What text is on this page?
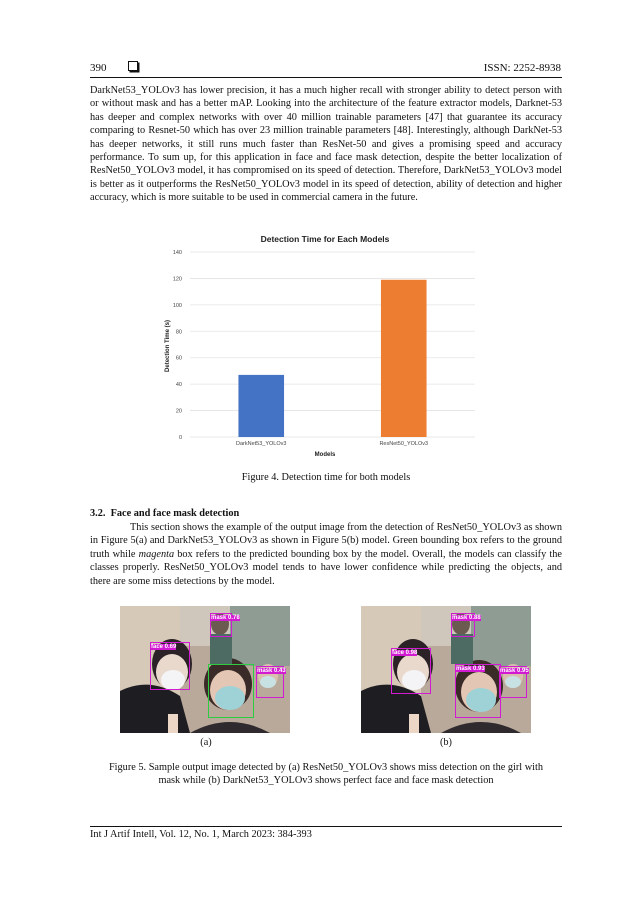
390	ISSN: 2252-8938

DarkNet53_YOLOv3 has lower precision, it has a much higher recall with stronger ability to detect person with or without mask and has a better mAP. Looking into the architecture of the feature extractor models, Darknet-53 has deeper and complex networks with over 40 million trainable parameters [47] that guarantee its accuracy comparing to Resnet-50 which has over 23 million trainable parameters [48]. Interestingly, although DarkNet-53 has deeper networks, it still runs much faster than ResNet-50 and gives a promising speed and accuracy performance. To sum up, for this application in face and face mask detection, despite the better localization of ResNet50_YOLOv3 model, it has compromised on its speed of detection. Therefore, DarkNet53_YOLOv3 model is better as it outperforms the ResNet50_YOLOv3 model in its speed of detection, ability of detection and higher accuracy, which is more suitable to be used in commercial camera in the future.

Detection Time for Each Models
0
20
40
60
80
100
120
140
DarkNet53_YOLOv3	ResNet50_YOLOv3
Detection Time (s)
Models
Figure 4. Detection time for both models
3.2.  Face and face mask detection

This section shows the example of the output image from the detection of ResNet50_YOLOv3 as shown in Figure 5(a) and DarkNet53_YOLOv3 as shown in Figure 5(b) model. Green bounding box refers to the ground truth while magenta box refers to the predicted bounding box by the model. Overall, the models can classify the classes properly. ResNet50_YOLOv3 model tends to have lower confidence while predicting the objects, and there are some miss detections by the model.

face 0.69
mask 0.78
mask 0.43
face 0.98
mask 0.88
mask 0.93	mask 0.95
(a)	(b)
Figure 5. Sample output image detected by (a) ResNet50_YOLOv3 shows miss detection on the girl with
mask while (b) DarkNet53_YOLOv3 shows perfect face and face mask detection
Int J Artif Intell, Vol. 12, No. 1, March 2023: 384-393
